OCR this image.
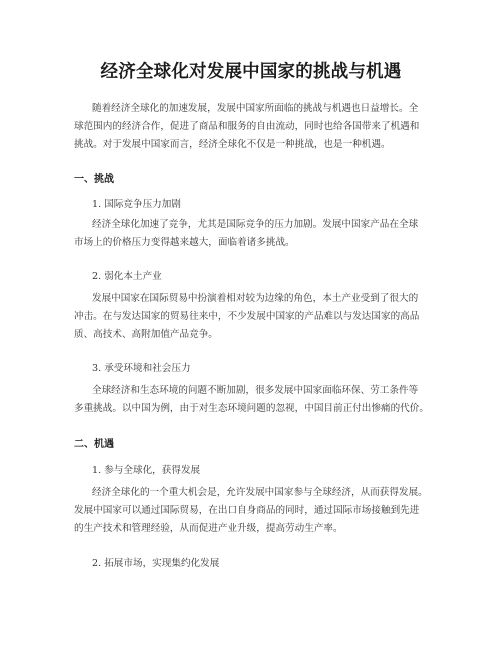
经济全球化对发展中国家的挑战与机遇
随着经济全球化的加速发展，发展中国家所面临的挑战与机遇也日益增长。全
球范围内的经济合作，促进了商品和服务的自由流动，同时也给各国带来了机遇和
挑战。对于发展中国家而言，经济全球化不仅是一种挑战，也是一种机遇。
一、挑战
1. 国际竞争压力加剧
经济全球化加速了竞争，尤其是国际竞争的压力加剧。发展中国家产品在全球
市场上的价格压力变得越来越大，面临着诸多挑战。
2. 弱化本土产业
发展中国家在国际贸易中扮演着相对较为边缘的角色，本土产业受到了很大的
冲击。在与发达国家的贸易往来中，不少发展中国家的产品难以与发达国家的高品
质、高技术、高附加值产品竞争。
3. 承受环境和社会压力
全球经济和生态环境的问题不断加剧，很多发展中国家面临环保、劳工条件等
多重挑战。以中国为例，由于对生态环境问题的忽视，中国目前正付出惨痛的代价。
二、机遇
1. 参与全球化，获得发展
经济全球化的一个重大机会是，允许发展中国家参与全球经济，从而获得发展。
发展中国家可以通过国际贸易，在出口自身商品的同时，通过国际市场接触到先进
的生产技术和管理经验，从而促进产业升级，提高劳动生产率。
2. 拓展市场，实现集约化发展
